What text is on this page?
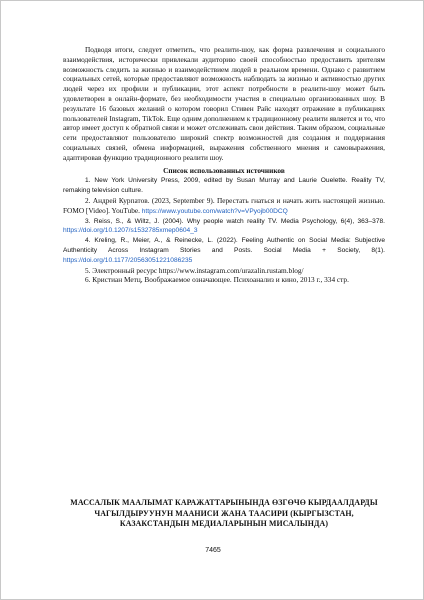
Подводя итоги, следует отметить, что реалити-шоу, как форма развлечения и социального взаимодействия, исторически привлекали аудиторию своей способностью предоставить зрителям возможность следить за жизнью и взаимодействием людей в реальном времени. Однако с развитием социальных сетей, которые предоставляют возможность наблюдать за жизнью и активностью других людей через их профили и публикации, этот аспект потребности в реалити-шоу может быть удовлетворен в онлайн-формате, без необходимости участия в специально организованных шоу. В результате 16 базовых желаний о котором говорил Стивен Райс находят отражение в публикациях пользователей Instagram, TikTok. Еще одним дополнением к традиционному реалити является и то, что автор имеет доступ к обратной связи и может отслеживать свои действия. Таким образом, социальные сети предоставляют пользователю широкий спектр возможностей для создания и поддержания социальных связей, обмена информацией, выражения собственного мнения и самовыражения, адаптировав функцию традиционного реалити шоу.

Список использованных источников

1. New York University Press, 2009, edited by Susan Murray and Laurie Ouelette. Reality TV, remaking television culture.

2. Андрей Курпатов. (2023, September 9). Перестать гнаться и начать жить настоящей жизнью. FOMO [Video]. YouTube. https://www.youtube.com/watch?v=VPyojb00DCQ

3. Reiss, S., & Wiltz, J. (2004). Why people watch reality TV. Media Psychology, 6(4), 363–378. https://doi.org/10.1207/s1532785xmep0604_3

4. Kreling, R., Meier, A., & Reinecke, L. (2022). Feeling Authentic on Social Media: Subjective Authenticity Across Instagram Stories and Posts. Social Media + Society, 8(1). https://doi.org/10.1177/20563051221086235

5. Электронный ресурс https://www.instagram.com/urazalin.rustam.blog/

6. Кристиан Метц, Воображаемое означающее. Психоанализ и кино, 2013 г., 334 стр.

МАССАЛЫК МААЛЫМАТ КАРАЖАТТАРЫНЫНДА ӨЗГӨЧӨ КЫРДААЛДАРДЫ ЧАГЫЛДЫРУУНУН МААНИСИ ЖАНА ТААСИРИ (КЫРГЫЗСТАН, КАЗАКСТАНДЫН МЕДИАЛАРЫНЫН МИСАЛЫНДА)
7465
